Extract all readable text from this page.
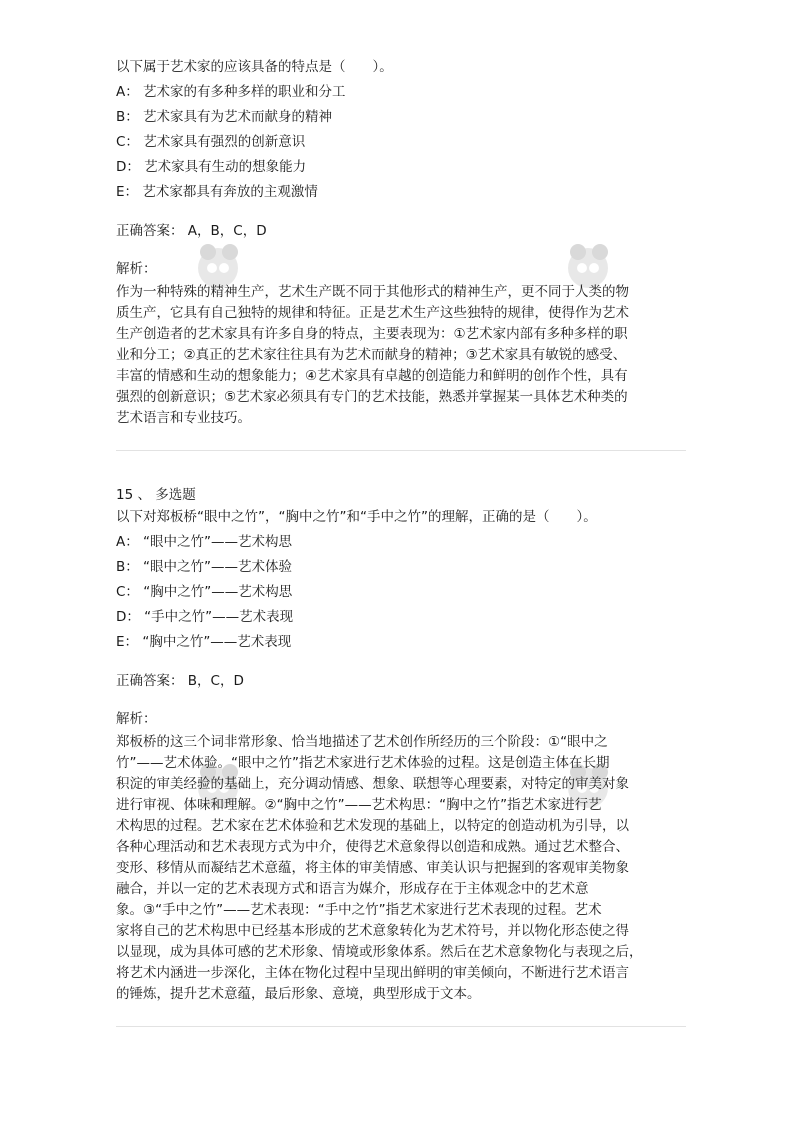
以下属于艺术家的应该具备的特点是（　　）。
A： 艺术家的有多种多样的职业和分工
B： 艺术家具有为艺术而献身的精神
C： 艺术家具有强烈的创新意识
D： 艺术家具有生动的想象能力
E： 艺术家都具有奔放的主观激情
正确答案： A，B，C，D
解析：
作为一种特殊的精神生产，艺术生产既不同于其他形式的精神生产，更不同于人类的物
质生产，它具有自己独特的规律和特征。正是艺术生产这些独特的规律，使得作为艺术
生产创造者的艺术家具有许多自身的特点，主要表现为：①艺术家内部有多种多样的职
业和分工；②真正的艺术家往往具有为艺术而献身的精神；③艺术家具有敏锐的感受、
丰富的情感和生动的想象能力；④艺术家具有卓越的创造能力和鲜明的创作个性，具有
强烈的创新意识；⑤艺术家必须具有专门的艺术技能，熟悉并掌握某一具体艺术种类的
艺术语言和专业技巧。
15 、 多选题
以下对郑板桥“眼中之竹”，“胸中之竹”和“手中之竹”的理解，正确的是（　　）。
A： “眼中之竹”——艺术构思
B： “眼中之竹”——艺术体验
C： “胸中之竹”——艺术构思
D： “手中之竹”——艺术表现
E： “胸中之竹”——艺术表现
正确答案： B，C，D
解析：
郑板桥的这三个词非常形象、恰当地描述了艺术创作所经历的三个阶段：①“眼中之
竹”——艺术体验。“眼中之竹”指艺术家进行艺术体验的过程。这是创造主体在长期
积淀的审美经验的基础上，充分调动情感、想象、联想等心理要素，对特定的审美对象
进行审视、体味和理解。②“胸中之竹”——艺术构思：“胸中之竹”指艺术家进行艺
术构思的过程。艺术家在艺术体验和艺术发现的基础上，以特定的创造动机为引导，以
各种心理活动和艺术表现方式为中介，使得艺术意象得以创造和成熟。通过艺术整合、
变形、移情从而凝结艺术意蕴，将主体的审美情感、审美认识与把握到的客观审美物象
融合，并以一定的艺术表现方式和语言为媒介，形成存在于主体观念中的艺术意
象。③“手中之竹”——艺术表现：“手中之竹”指艺术家进行艺术表现的过程。艺术
家将自己的艺术构思中已经基本形成的艺术意象转化为艺术符号，并以物化形态使之得
以显现，成为具体可感的艺术形象、情境或形象体系。然后在艺术意象物化与表现之后，
将艺术内涵进一步深化，主体在物化过程中呈现出鲜明的审美倾向，不断进行艺术语言
的锤炼，提升艺术意蕴，最后形象、意境，典型形成于文本。
